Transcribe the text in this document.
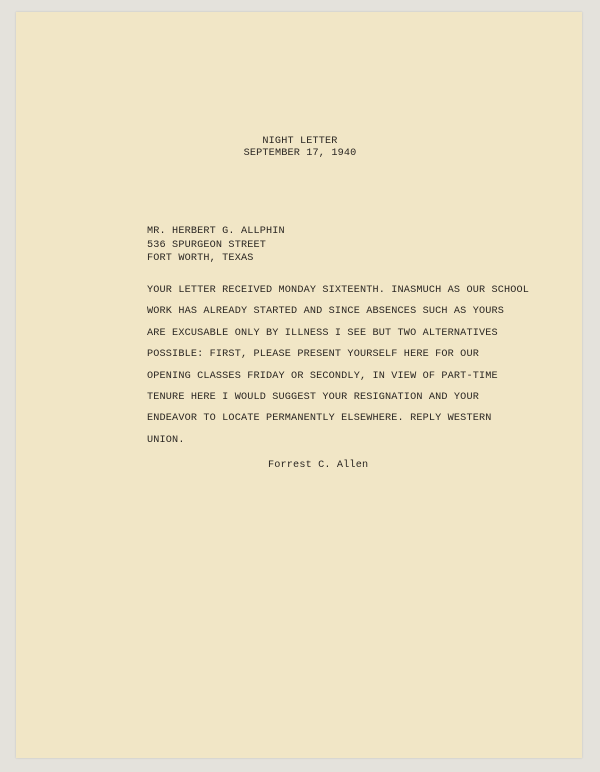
NIGHT LETTER
SEPTEMBER 17, 1940
MR. HERBERT G. ALLPHIN
536 SPURGEON STREET
FORT WORTH, TEXAS
YOUR LETTER RECEIVED MONDAY SIXTEENTH. INASMUCH AS OUR SCHOOL
WORK HAS ALREADY STARTED AND SINCE ABSENCES SUCH AS YOURS
ARE EXCUSABLE ONLY BY ILLNESS I SEE BUT TWO ALTERNATIVES
POSSIBLE: FIRST, PLEASE PRESENT YOURSELF HERE FOR OUR
OPENING CLASSES FRIDAY OR SECONDLY, IN VIEW OF PART-TIME
TENURE HERE I WOULD SUGGEST YOUR RESIGNATION AND YOUR
ENDEAVOR TO LOCATE PERMANENTLY ELSEWHERE. REPLY WESTERN
UNION.
Forrest C. Allen
